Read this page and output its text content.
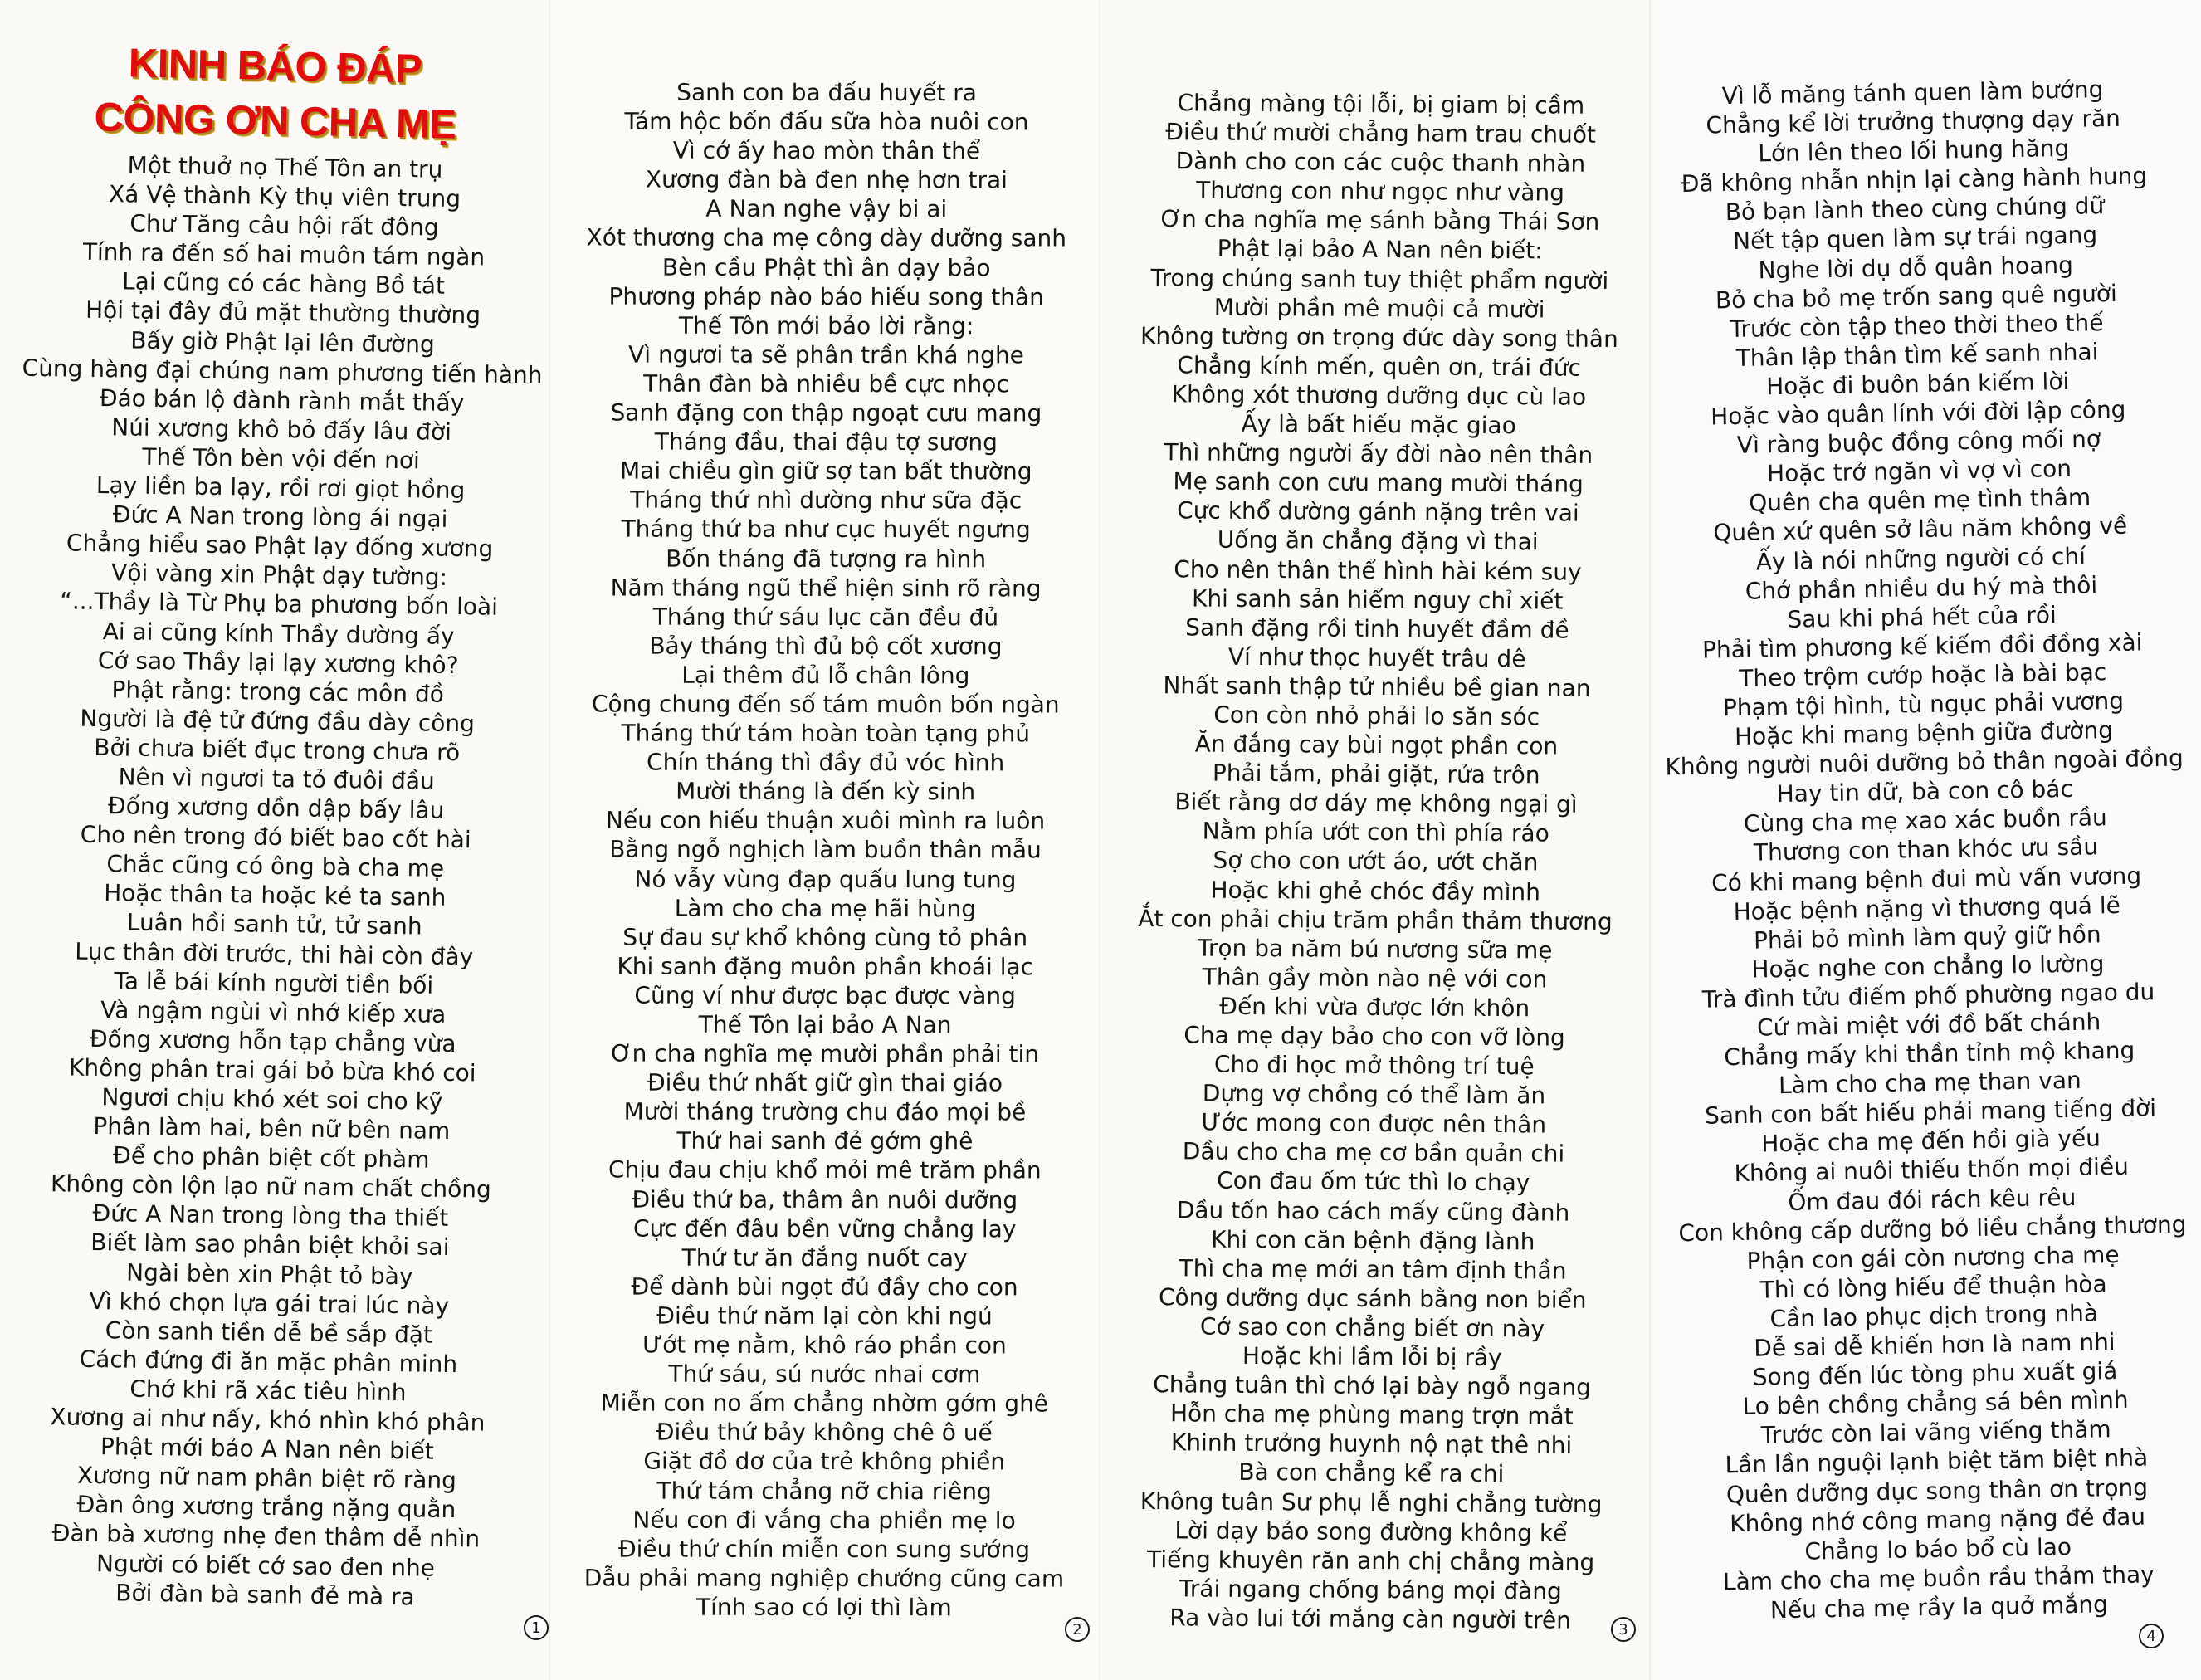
KINH BÁO ĐÁP
CÔNG ƠN CHA MẸ
Một thuở nọ Thế Tôn an trụ
Xá Vệ thành Kỳ thụ viên trung
Chư Tăng câu hội rất đông
Tính ra đến số hai muôn tám ngàn
Lại cũng có các hàng Bồ tát
Hội tại đây đủ mặt thường thường
Bấy giờ Phật lại lên đường
Cùng hàng đại chúng nam phương tiến hành
Đáo bán lộ đành rành mắt thấy
Núi xương khô bỏ đấy lâu đời
Thế Tôn bèn vội đến nơi
Lạy liền ba lạy, rồi rơi giọt hồng
Đức A Nan trong lòng ái ngại
Chẳng hiểu sao Phật lạy đống xương
Vội vàng xin Phật dạy tường:
“...Thầy là Từ Phụ ba phương bốn loài
Ai ai cũng kính Thầy dường ấy
Cớ sao Thầy lại lạy xương khô?
Phật rằng: trong các môn đồ
Người là đệ tử đứng đầu dày công
Bởi chưa biết đục trong chưa rõ
Nên vì ngươi ta tỏ đuôi đầu
Đống xương dồn dập bấy lâu
Cho nên trong đó biết bao cốt hài
Chắc cũng có ông bà cha mẹ
Hoặc thân ta hoặc kẻ ta sanh
Luân hồi sanh tử, tử sanh
Lục thân đời trước, thi hài còn đây
Ta lễ bái kính người tiền bối
Và ngậm ngùi vì nhớ kiếp xưa
Đống xương hỗn tạp chẳng vừa
Không phân trai gái bỏ bừa khó coi
Ngươi chịu khó xét soi cho kỹ
Phân làm hai, bên nữ bên nam
Để cho phân biệt cốt phàm
Không còn lộn lạo nữ nam chất chồng
Đức A Nan trong lòng tha thiết
Biết làm sao phân biệt khỏi sai
Ngài bèn xin Phật tỏ bày
Vì khó chọn lựa gái trai lúc này
Còn sanh tiền dễ bề sắp đặt
Cách đứng đi ăn mặc phân minh
Chớ khi rã xác tiêu hình
Xương ai như nấy, khó nhìn khó phân
Phật mới bảo A Nan nên biết
Xương nữ nam phân biệt rõ ràng
Đàn ông xương trắng nặng quằn
Đàn bà xương nhẹ đen thâm dễ nhìn
Người có biết cớ sao đen nhẹ
Bởi đàn bà sanh đẻ mà ra
1
Sanh con ba đấu huyết ra
Tám hộc bốn đấu sữa hòa nuôi con
Vì cớ ấy hao mòn thân thể
Xương đàn bà đen nhẹ hơn trai
A Nan nghe vậy bi ai
Xót thương cha mẹ công dày dưỡng sanh
Bèn cầu Phật thì ân dạy bảo
Phương pháp nào báo hiếu song thân
Thế Tôn mới bảo lời rằng:
Vì ngươi ta sẽ phân trần khá nghe
Thân đàn bà nhiều bề cực nhọc
Sanh đặng con thập ngoạt cưu mang
Tháng đầu, thai đậu tợ sương
Mai chiều gìn giữ sợ tan bất thường
Tháng thứ nhì dường như sữa đặc
Tháng thứ ba như cục huyết ngưng
Bốn tháng đã tượng ra hình
Năm tháng ngũ thể hiện sinh rõ ràng
Tháng thứ sáu lục căn đều đủ
Bảy tháng thì đủ bộ cốt xương
Lại thêm đủ lỗ chân lông
Cộng chung đến số tám muôn bốn ngàn
Tháng thứ tám hoàn toàn tạng phủ
Chín tháng thì đầy đủ vóc hình
Mười tháng là đến kỳ sinh
Nếu con hiếu thuận xuôi mình ra luôn
Bằng ngỗ nghịch làm buồn thân mẫu
Nó vẫy vùng đạp quấu lung tung
Làm cho cha mẹ hãi hùng
Sự đau sự khổ không cùng tỏ phân
Khi sanh đặng muôn phần khoái lạc
Cũng ví như được bạc được vàng
Thế Tôn lại bảo A Nan
Ơn cha nghĩa mẹ mười phần phải tin
Điều thứ nhất giữ gìn thai giáo
Mười tháng trường chu đáo mọi bề
Thứ hai sanh đẻ gớm ghê
Chịu đau chịu khổ mỏi mê trăm phần
Điều thứ ba, thâm ân nuôi dưỡng
Cực đến đâu bền vững chẳng lay
Thứ tư ăn đắng nuốt cay
Để dành bùi ngọt đủ đầy cho con
Điều thứ năm lại còn khi ngủ
Ướt mẹ nằm, khô ráo phần con
Thứ sáu, sú nước nhai cơm
Miễn con no ấm chẳng nhờm gớm ghê
Điều thứ bảy không chê ô uế
Giặt đồ dơ của trẻ không phiền
Thứ tám chẳng nỡ chia riêng
Nếu con đi vắng cha phiền mẹ lo
Điều thứ chín miễn con sung sướng
Dẫu phải mang nghiệp chướng cũng cam
Tính sao có lợi thì làm
2
Chẳng màng tội lỗi, bị giam bị cầm
Điều thứ mười chẳng ham trau chuốt
Dành cho con các cuộc thanh nhàn
Thương con như ngọc như vàng
Ơn cha nghĩa mẹ sánh bằng Thái Sơn
Phật lại bảo A Nan nên biết:
Trong chúng sanh tuy thiệt phẩm người
Mười phần mê muội cả mười
Không tường ơn trọng đức dày song thân
Chẳng kính mến, quên ơn, trái đức
Không xót thương dưỡng dục cù lao
Ấy là bất hiếu mặc giao
Thì những người ấy đời nào nên thân
Mẹ sanh con cưu mang mười tháng
Cực khổ dường gánh nặng trên vai
Uống ăn chẳng đặng vì thai
Cho nên thân thể hình hài kém suy
Khi sanh sản hiểm nguy chỉ xiết
Sanh đặng rồi tinh huyết đầm đề
Ví như thọc huyết trâu dê
Nhất sanh thập tử nhiều bề gian nan
Con còn nhỏ phải lo săn sóc
Ăn đắng cay bùi ngọt phần con
Phải tắm, phải giặt, rửa trôn
Biết rằng dơ dáy mẹ không ngại gì
Nằm phía ướt con thì phía ráo
Sợ cho con ướt áo, ướt chăn
Hoặc khi ghẻ chóc đầy mình
Ắt con phải chịu trăm phần thảm thương
Trọn ba năm bú nương sữa mẹ
Thân gầy mòn nào nệ với con
Đến khi vừa được lớn khôn
Cha mẹ dạy bảo cho con vỡ lòng
Cho đi học mở thông trí tuệ
Dựng vợ chồng có thể làm ăn
Ước mong con được nên thân
Dầu cho cha mẹ cơ bần quản chi
Con đau ốm tức thì lo chạy
Dầu tốn hao cách mấy cũng đành
Khi con căn bệnh đặng lành
Thì cha mẹ mới an tâm định thần
Công dưỡng dục sánh bằng non biển
Cớ sao con chẳng biết ơn này
Hoặc khi lầm lỗi bị rầy
Chẳng tuân thì chớ lại bày ngỗ ngang
Hỗn cha mẹ phùng mang trợn mắt
Khinh trưởng huynh nộ nạt thê nhi
Bà con chẳng kể ra chi
Không tuân Sư phụ lễ nghi chẳng tường
Lời dạy bảo song đường không kể
Tiếng khuyên răn anh chị chẳng màng
Trái ngang chống báng mọi đàng
Ra vào lui tới mắng càn người trên	3
Vì lỗ măng tánh quen làm bướng
Chẳng kể lời trưởng thượng dạy răn
Lớn lên theo lối hung hăng
Đã không nhẫn nhịn lại càng hành hung
Bỏ bạn lành theo cùng chúng dữ
Nết tập quen làm sự trái ngang
Nghe lời dụ dỗ quân hoang
Bỏ cha bỏ mẹ trốn sang quê người
Trước còn tập theo thời theo thế
Thân lập thân tìm kế sanh nhai
Hoặc đi buôn bán kiếm lời
Hoặc vào quân lính với đời lập công
Vì ràng buộc đồng công mối nợ
Hoặc trở ngăn vì vợ vì con
Quên cha quên mẹ tình thâm
Quên xứ quên sở lâu năm không về
Ấy là nói những người có chí
Chớ phần nhiều du hý mà thôi
Sau khi phá hết của rồi
Phải tìm phương kế kiếm đồi đồng xài
Theo trộm cướp hoặc là bài bạc
Phạm tội hình, tù ngục phải vương
Hoặc khi mang bệnh giữa đường
Không người nuôi dưỡng bỏ thân ngoài đồng
Hay tin dữ, bà con cô bác
Cùng cha mẹ xao xác buồn rầu
Thương con than khóc ưu sầu
Có khi mang bệnh đui mù vấn vương
Hoặc bệnh nặng vì thương quá lẽ
Phải bỏ mình làm quỷ giữ hồn
Hoặc nghe con chẳng lo lường
Trà đình tửu điếm phố phường ngao du
Cứ mài miệt với đồ bất chánh
Chẳng mấy khi thần tỉnh mộ khang
Làm cho cha mẹ than van
Sanh con bất hiếu phải mang tiếng đời
Hoặc cha mẹ đến hồi già yếu
Không ai nuôi thiếu thốn mọi điều
Ốm đau đói rách kêu rêu
Con không cấp dưỡng bỏ liều chẳng thương
Phận con gái còn nương cha mẹ
Thì có lòng hiếu để thuận hòa
Cần lao phục dịch trong nhà
Dễ sai dễ khiến hơn là nam nhi
Song đến lúc tòng phu xuất giá
Lo bên chồng chẳng sá bên mình
Trước còn lai vãng viếng thăm
Lần lần nguội lạnh biệt tăm biệt nhà
Quên dưỡng dục song thân ơn trọng
Không nhớ công mang nặng đẻ đau
Chẳng lo báo bổ cù lao
Làm cho cha mẹ buồn rầu thảm thay
Nếu cha mẹ rầy la quở mắng
4
